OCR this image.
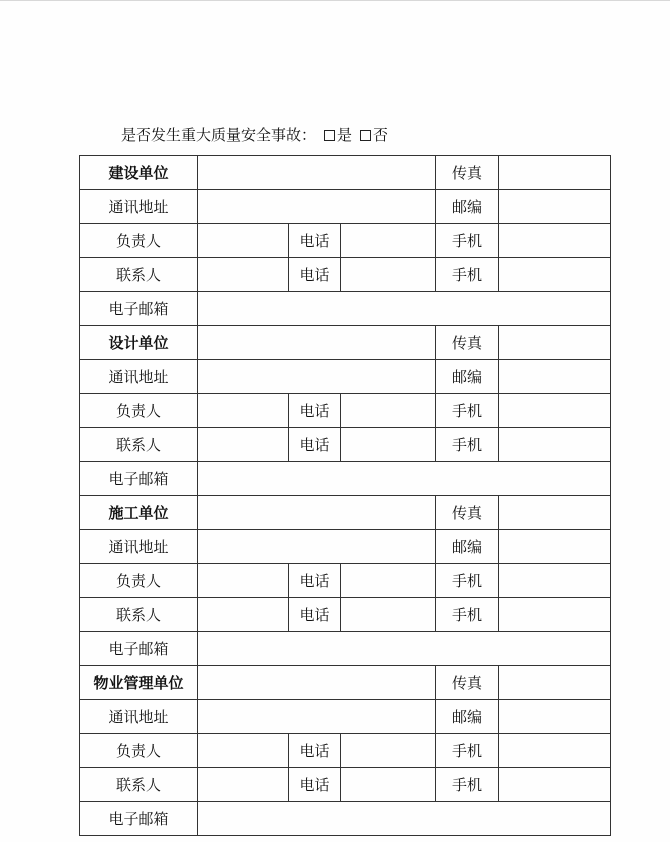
是否发生重大质量安全事故： 是 否
建设单位				传真	
通讯地址				邮编	
负责人		电话		手机	
联系人		电话		手机	
电子邮箱					
设计单位				传真	
通讯地址				邮编	
负责人		电话		手机	
联系人		电话		手机	
电子邮箱					
施工单位				传真	
通讯地址				邮编	
负责人		电话		手机	
联系人		电话		手机	
电子邮箱					
物业管理单位				传真	
通讯地址				邮编	
负责人		电话		手机	
联系人		电话		手机	
电子邮箱					
